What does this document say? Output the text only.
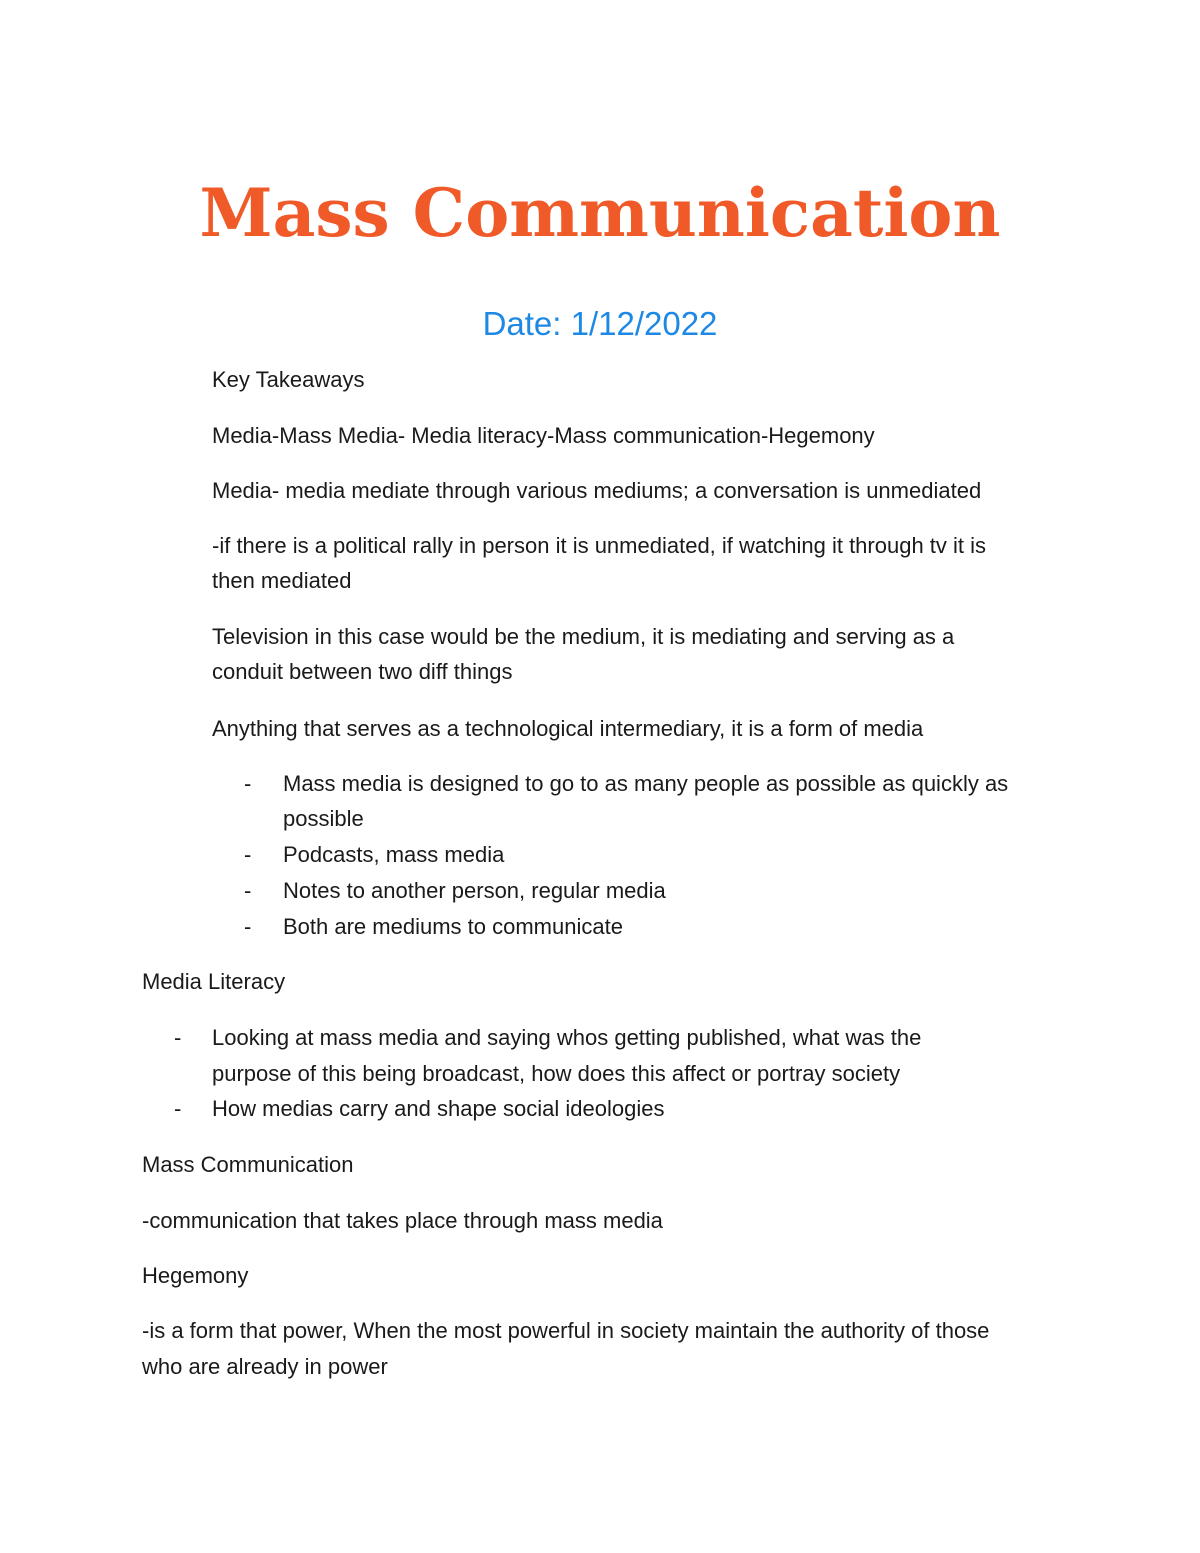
Mass Communication
Date: 1/12/2022
Key Takeaways
Media-Mass Media- Media literacy-Mass communication-Hegemony
Media- media mediate through various mediums; a conversation is unmediated
-if there is a political rally in person it is unmediated, if watching it through tv it is
then mediated
Television in this case would be the medium, it is mediating and serving as a
conduit between two diff things
Anything that serves as a technological intermediary, it is a form of media
- Mass media is designed to go to as many people as possible as quickly as
possible
- Podcasts, mass media
- Notes to another person, regular media
- Both are mediums to communicate
Media Literacy
- Looking at mass media and saying whos getting published, what was the
purpose of this being broadcast, how does this affect or portray society
- How medias carry and shape social ideologies
Mass Communication
-communication that takes place through mass media
Hegemony
-is a form that power, When the most powerful in society maintain the authority of those
who are already in power
